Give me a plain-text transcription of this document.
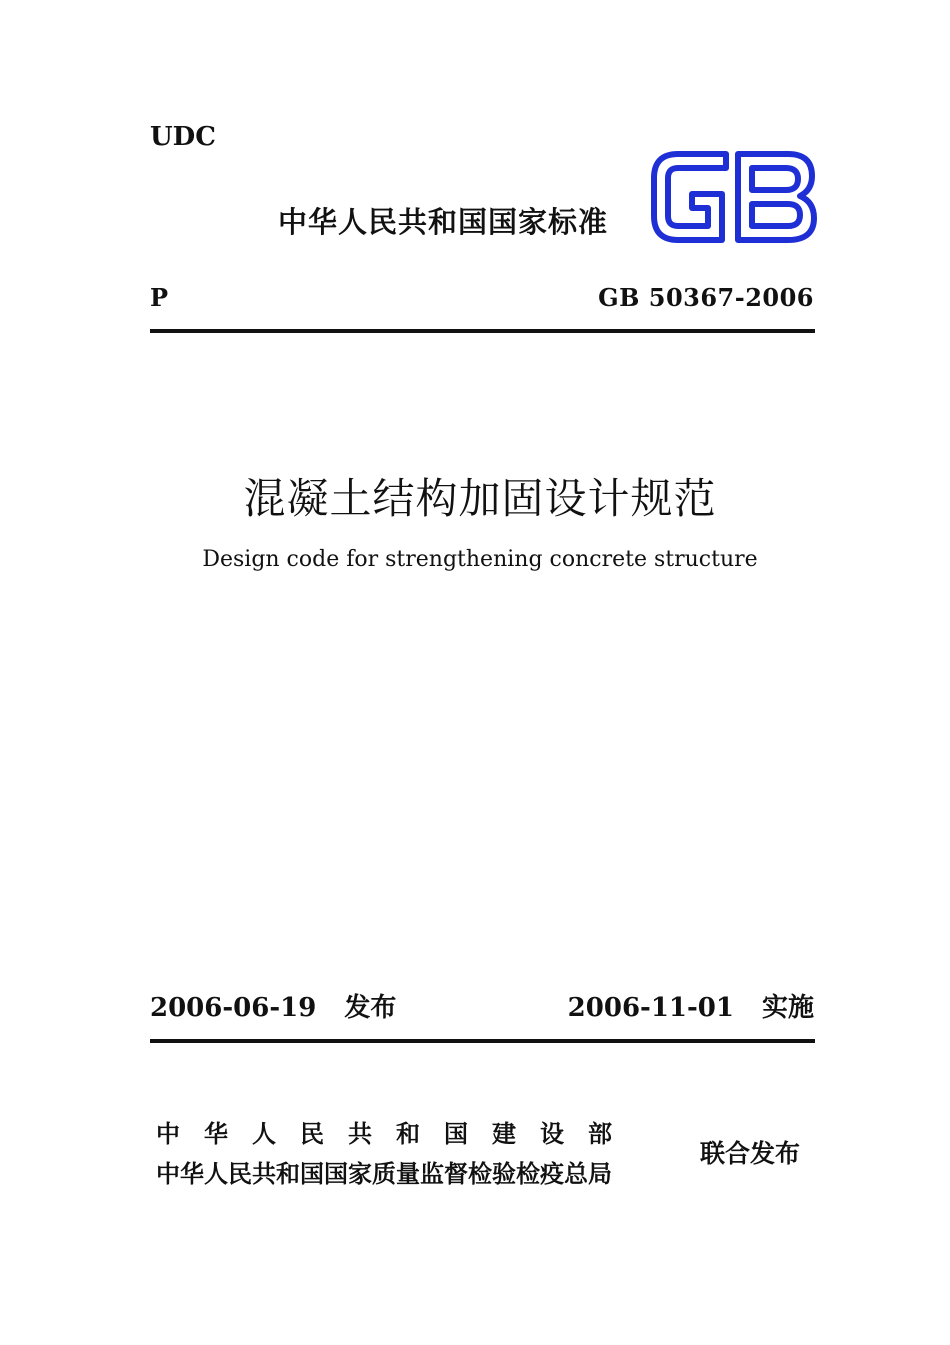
UDC
中华人民共和国国家标准
P	GB 50367-2006
混凝土结构加固设计规范
Design code for strengthening concrete structure
2006-06-19 发布	2006-11-01 实施
中华人民共和国建设部
中华人民共和国国家质量监督检验检疫总局
联合发布
